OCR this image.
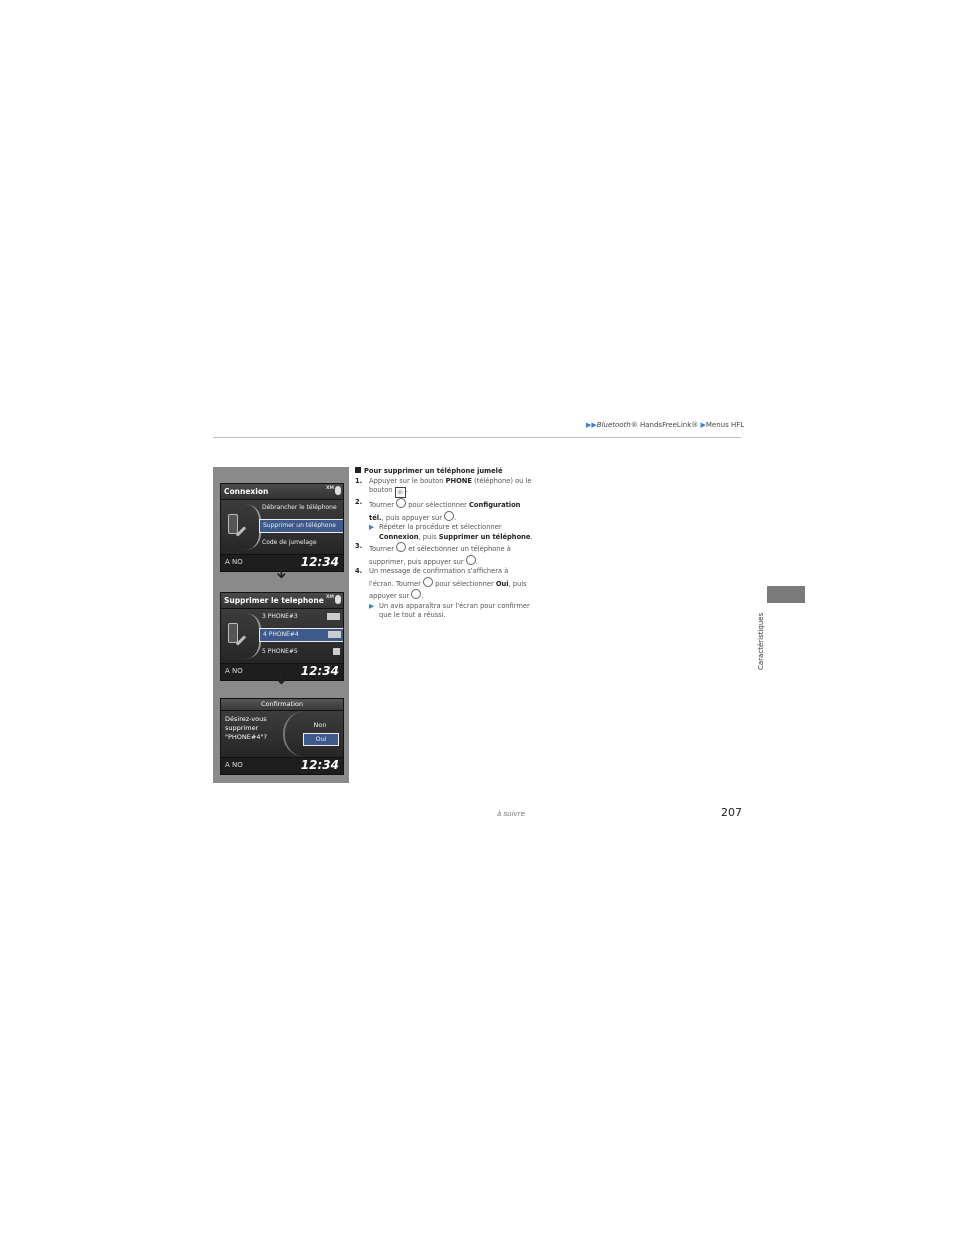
▶▶Bluetooth® HandsFreeLink® ▶Menus HFL
Caractéristiques
Connexion	XM
Débrancher le téléphone
Supprimer un téléphone
Code de jumelage
A NO	12:34
↓
Supprimer le telephone XM
3 PHONE#3
4 PHONE#4
5 PHONE#5
A NO	12:34
↓
Confirmation
Désirez-vous
supprimer
"PHONE#4"?
Non
Oui
A NO	12:34

Pour supprimer un téléphone jumelé

1. Appuyer sur le bouton PHONE (téléphone) ou le bouton ☏ .

2. Tourner  pour sélectionner Configuration tél., puis appuyer sur .

▶ Répéter la procédure et sélectionner Connexion, puis Supprimer un téléphone.

3. Tourner  et sélectionner un téléphone à supprimer, puis appuyer sur .

4. Un message de confirmation s'affichera à l'écran. Tourner  pour sélectionner Oui, puis appuyer sur .

▶ Un avis apparaîtra sur l'écran pour confirmer que le tout a réussi.

à suivre	207
